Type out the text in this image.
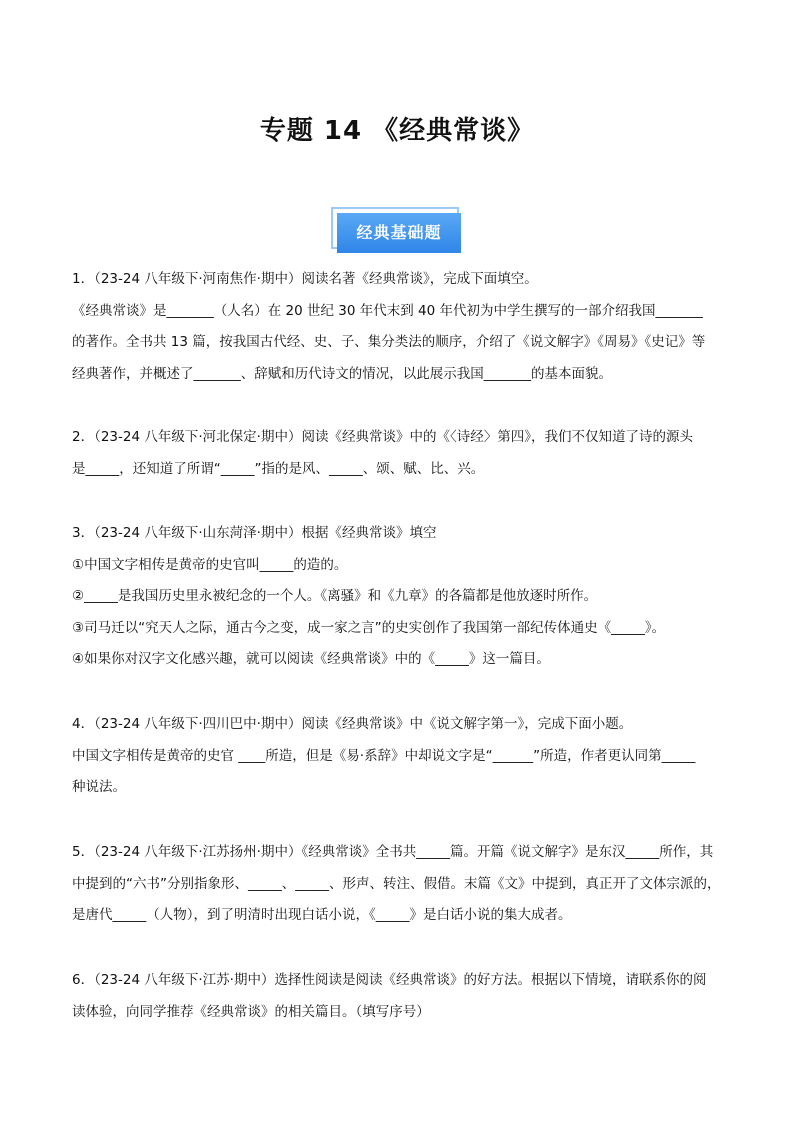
专题 14 《经典常谈》
经典基础题
1．（23-24 八年级下·河南焦作·期中）阅读名著《经典常谈》，完成下面填空。
《经典常谈》是_______（人名）在 20 世纪 30 年代末到 40 年代初为中学生撰写的一部介绍我国_______
的著作。全书共 13 篇，按我国古代经、史、子、集分类法的顺序，介绍了《说文解字》《周易》《史记》等
经典著作，并概述了_______、辞赋和历代诗文的情况，以此展示我国_______的基本面貌。
2．（23-24 八年级下·河北保定·期中）阅读《经典常谈》中的《〈诗经〉第四》，我们不仅知道了诗的源头
是_____，还知道了所谓“_____”指的是风、_____、颂、赋、比、兴。
3．（23-24 八年级下·山东菏泽·期中）根据《经典常谈》填空
①中国文字相传是黄帝的史官叫_____的造的。
②_____是我国历史里永被纪念的一个人。《离骚》和《九章》的各篇都是他放逐时所作。
③司马迁以“究天人之际，通古今之变，成一家之言”的史实创作了我国第一部纪传体通史《_____》。
④如果你对汉字文化感兴趣，就可以阅读《经典常谈》中的《_____》这一篇目。
4．（23-24 八年级下·四川巴中·期中）阅读《经典常谈》中《说文解字第一》，完成下面小题。
中国文字相传是黄帝的史官 ____所造，但是《易·系辞》中却说文字是“______”所造，作者更认同第_____
种说法。
5．（23-24 八年级下·江苏扬州·期中）《经典常谈》全书共_____篇。开篇《说文解字》是东汉_____所作，其
中提到的“六书”分别指象形、_____、_____、形声、转注、假借。末篇《文》中提到，真正开了文体宗派的，
是唐代_____（人物），到了明清时出现白话小说，《_____》是白话小说的集大成者。
6．（23-24 八年级下·江苏·期中）选择性阅读是阅读《经典常谈》的好方法。根据以下情境，请联系你的阅
读体验，向同学推荐《经典常谈》的相关篇目。（填写序号）
